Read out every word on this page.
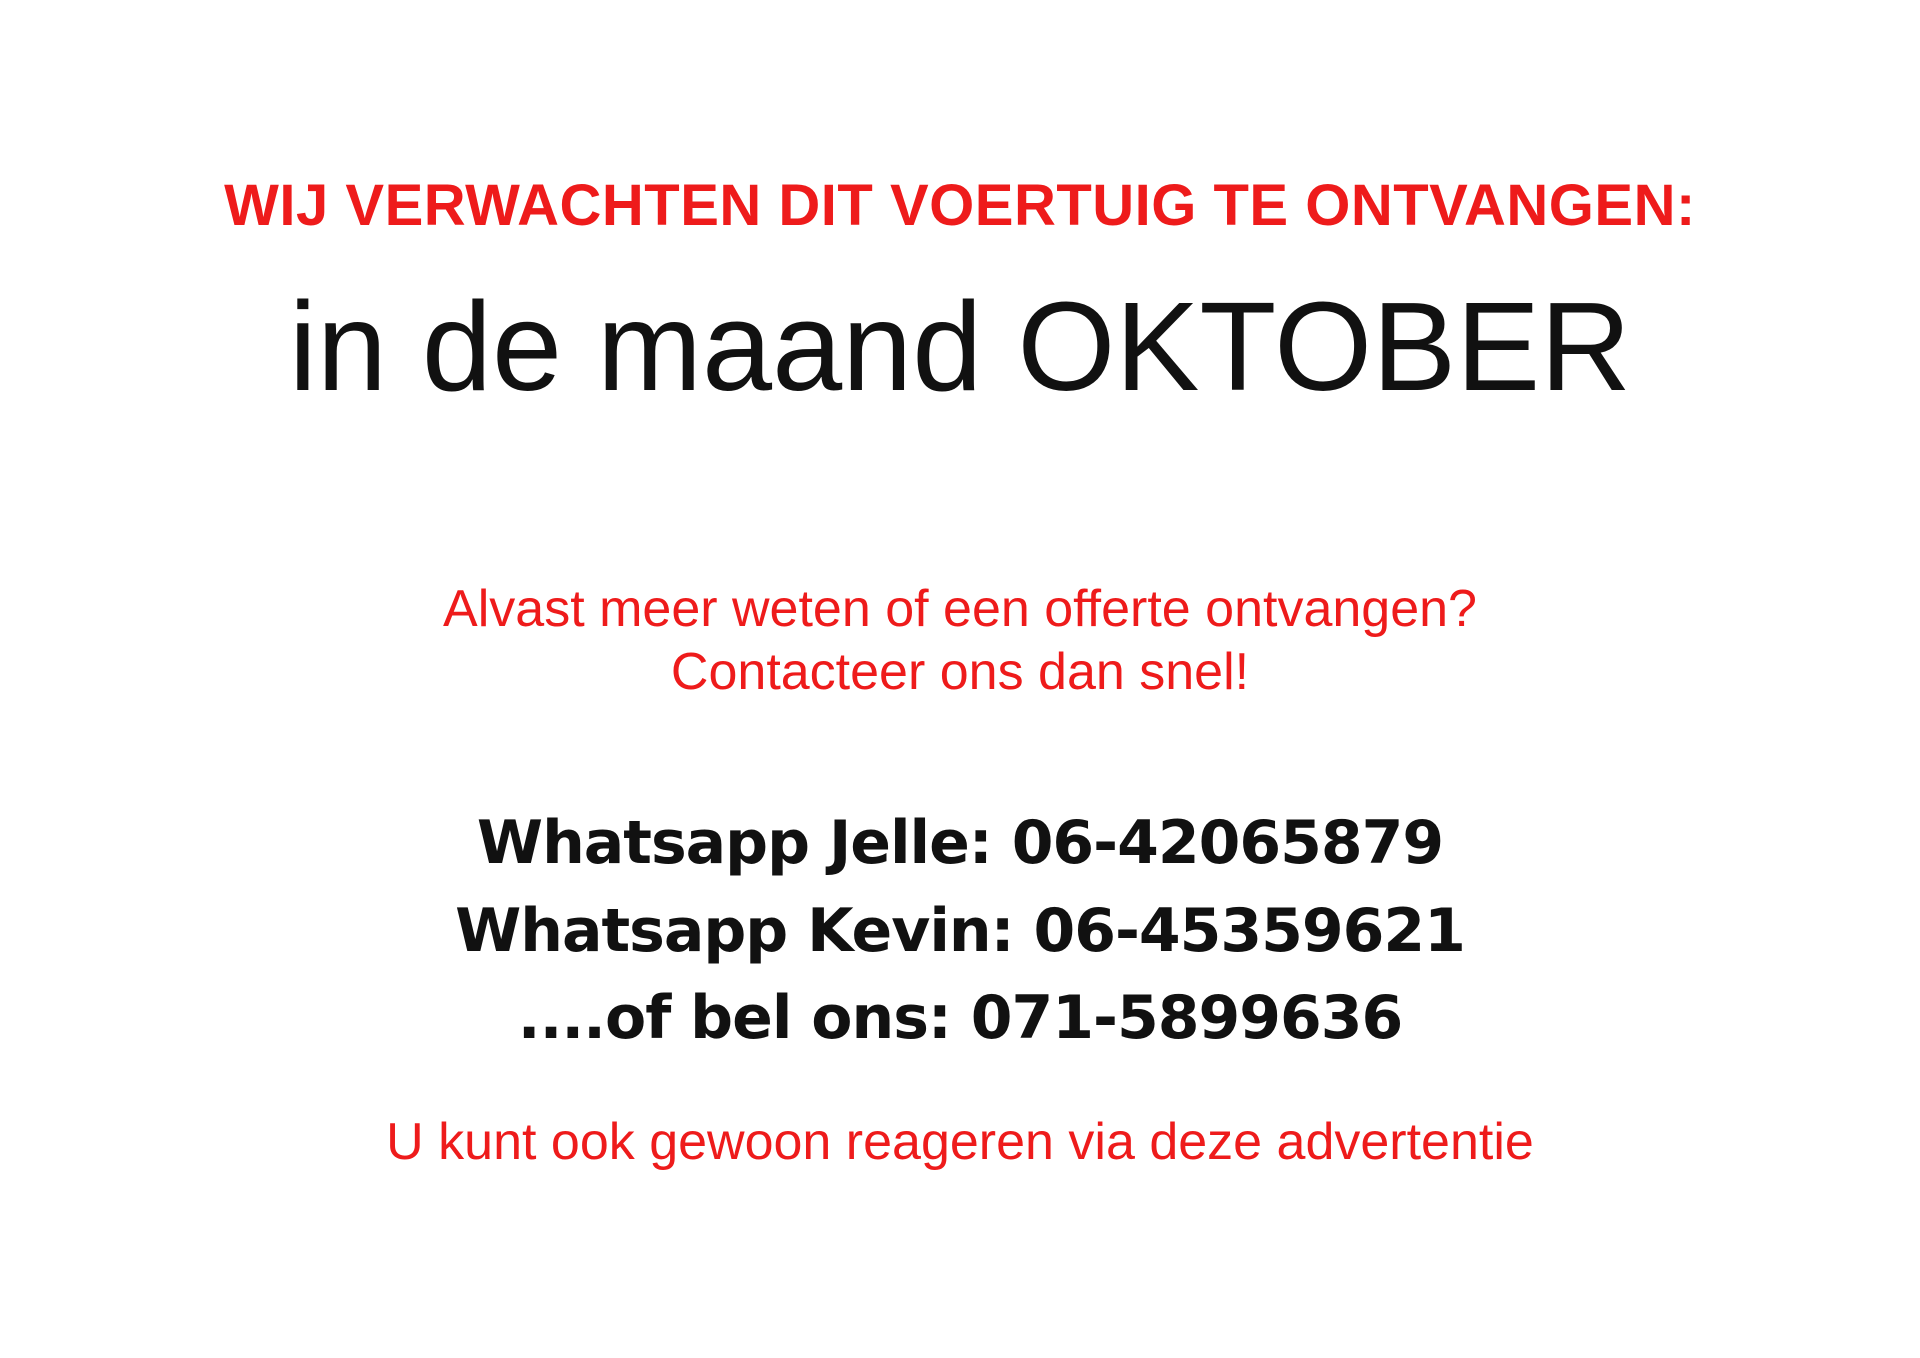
WIJ VERWACHTEN DIT VOERTUIG TE ONTVANGEN:
in de maand OKTOBER
Alvast meer weten of een offerte ontvangen?
Contacteer ons dan snel!
Whatsapp Jelle: 06-42065879
Whatsapp Kevin: 06-45359621
....of bel ons: 071-5899636
U kunt ook gewoon reageren via deze advertentie
